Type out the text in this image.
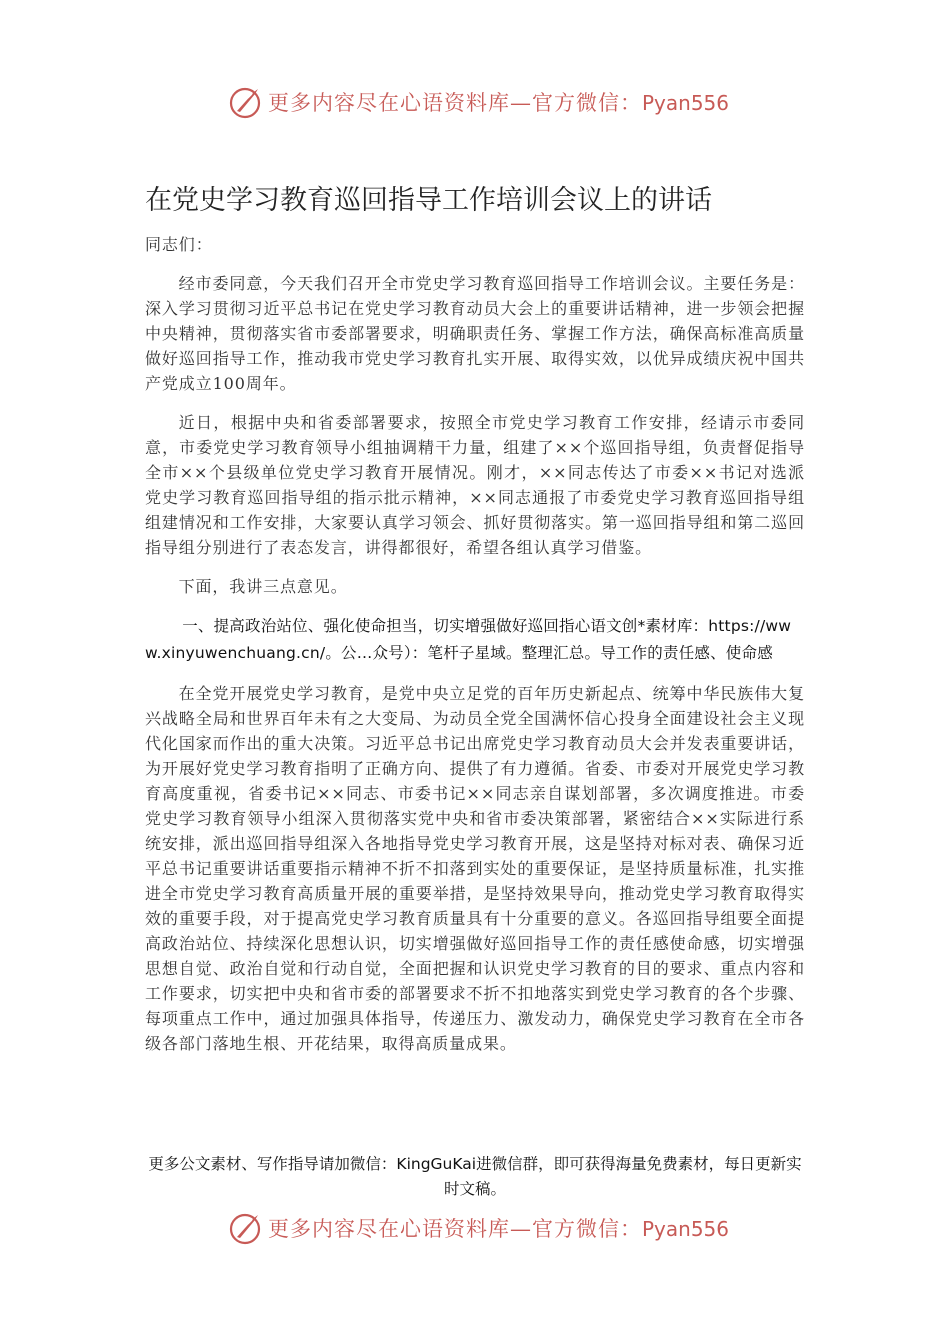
更多内容尽在心语资料库—官方微信：Pyan556
在党史学习教育巡回指导工作培训会议上的讲话

同志们：

经市委同意，今天我们召开全市党史学习教育巡回指导工作培训会议。主要任务是：深入学习贯彻习近平总书记在党史学习教育动员大会上的重要讲话精神，进一步领会把握中央精神，贯彻落实省市委部署要求，明确职责任务、掌握工作方法，确保高标准高质量做好巡回指导工作，推动我市党史学习教育扎实开展、取得实效，以优异成绩庆祝中国共产党成立100周年。

近日，根据中央和省委部署要求，按照全市党史学习教育工作安排，经请示市委同意，市委党史学习教育领导小组抽调精干力量，组建了××个巡回指导组，负责督促指导全市××个县级单位党史学习教育开展情况。刚才，××同志传达了市委××书记对选派党史学习教育巡回指导组的指示批示精神，××同志通报了市委党史学习教育巡回指导组组建情况和工作安排，大家要认真学习领会、抓好贯彻落实。第一巡回指导组和第二巡回指导组分别进行了表态发言，讲得都很好，希望各组认真学习借鉴。

下面，我讲三点意见。

一、提高政治站位、强化使命担当，切实增强做好巡回指心语文创*素材库：https://www.xinyuwenchuang.cn/。公…众号）：笔杆子星域。整理汇总。导工作的责任感、使命感

在全党开展党史学习教育，是党中央立足党的百年历史新起点、统筹中华民族伟大复兴战略全局和世界百年未有之大变局、为动员全党全国满怀信心投身全面建设社会主义现代化国家而作出的重大决策。习近平总书记出席党史学习教育动员大会并发表重要讲话，为开展好党史学习教育指明了正确方向、提供了有力遵循。省委、市委对开展党史学习教育高度重视，省委书记××同志、市委书记××同志亲自谋划部署，多次调度推进。市委党史学习教育领导小组深入贯彻落实党中央和省市委决策部署，紧密结合××实际进行系统安排，派出巡回指导组深入各地指导党史学习教育开展，这是坚持对标对表、确保习近平总书记重要讲话重要指示精神不折不扣落到实处的重要保证，是坚持质量标准，扎实推进全市党史学习教育高质量开展的重要举措，是坚持效果导向，推动党史学习教育取得实效的重要手段，对于提高党史学习教育质量具有十分重要的意义。各巡回指导组要全面提高政治站位、持续深化思想认识，切实增强做好巡回指导工作的责任感使命感，切实增强思想自觉、政治自觉和行动自觉，全面把握和认识党史学习教育的目的要求、重点内容和工作要求，切实把中央和省市委的部署要求不折不扣地落实到党史学习教育的各个步骤、每项重点工作中，通过加强具体指导，传递压力、激发动力，确保党史学习教育在全市各级各部门落地生根、开花结果，取得高质量成果。

更多公文素材、写作指导请加微信：KingGuKai进微信群，即可获得海量免费素材，每日更新实时文稿。
更多内容尽在心语资料库—官方微信：Pyan556
